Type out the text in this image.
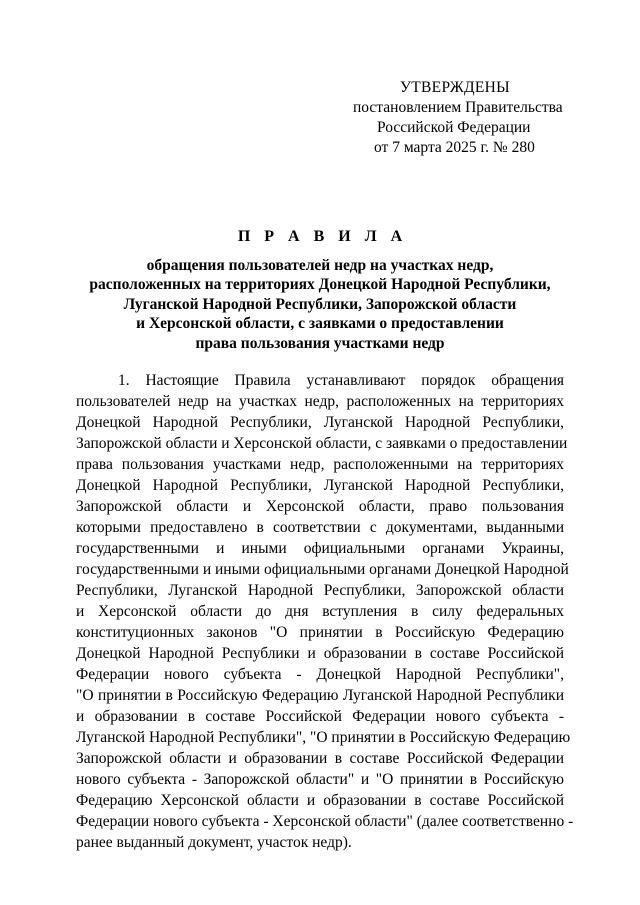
УТВЕРЖДЕНЫ
постановлением Правительства
Российской Федерации
от 7 марта 2025 г. № 280
П Р А В И Л А
обращения пользователей недр на участках недр,
расположенных на территориях Донецкой Народной Республики,
Луганской Народной Республики, Запорожской области
и Херсонской области, с заявками о предоставлении
права пользования участками недр
1. Настоящие Правила устанавливают порядок обращения
пользователей недр на участках недр, расположенных на территориях
Донецкой Народной Республики, Луганской Народной Республики,
Запорожской области и Херсонской области, с заявками о предоставлении
права пользования участками недр, расположенными на территориях
Донецкой Народной Республики, Луганской Народной Республики,
Запорожской области и Херсонской области, право пользования
которыми предоставлено в соответствии с документами, выданными
государственными и иными официальными органами Украины,
государственными и иными официальными органами Донецкой Народной
Республики, Луганской Народной Республики, Запорожской области
и Херсонской области до дня вступления в силу федеральных
конституционных законов "О принятии в Российскую Федерацию
Донецкой Народной Республики и образовании в составе Российской
Федерации нового субъекта - Донецкой Народной Республики",
"О принятии в Российскую Федерацию Луганской Народной Республики
и образовании в составе Российской Федерации нового субъекта -
Луганской Народной Республики", "О принятии в Российскую Федерацию
Запорожской области и образовании в составе Российской Федерации
нового субъекта - Запорожской области" и "О принятии в Российскую
Федерацию Херсонской области и образовании в составе Российской
Федерации нового субъекта - Херсонской области" (далее соответственно -
ранее выданный документ, участок недр).
